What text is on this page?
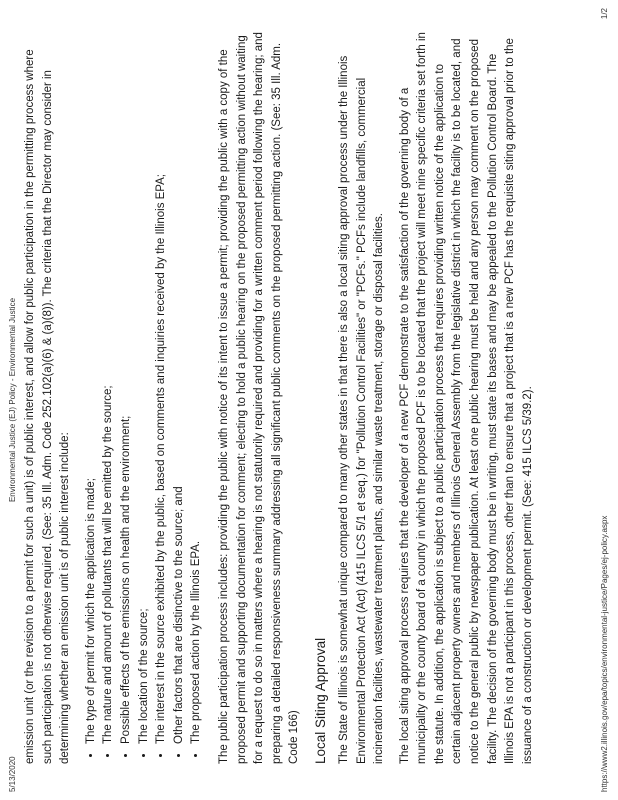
5/13/2020
Environmental Justice (EJ) Policy - Environmental Justice emission unit (or the revision to a permit for such a unit) is of public interest, and allow for public participation in the permitting process where such participation is not otherwise required. (See: 35 Ill. Adm. Code 252.102(a)(6) & (a)(8)). The criteria that the Director may consider in determining whether an emission unit is of public interest include:	• The type of permit for which the application is made; • The nature and amount of pollutants that will be emitted by the source; • Possible effects of the emissions on health and the environment; • The location of the source; • The interest in the source exhibited by the public, based on comments and inquiries received by the Illinois EPA; • Other factors that are distinctive to the source; and • The proposed action by the Illinois EPA.	The public participation process includes: providing the public with notice of its intent to issue a permit; providing the public with a copy of the proposed permit and supporting documentation for comment; electing to hold a public hearing on the proposed permitting action without waiting for a request to do so in matters where a hearing is not statutorily required and providing for a written comment period following the hearing; and preparing a detailed responsiveness summary addressing all significant public comments on the proposed permitting action. (See: 35 Ill. Adm. Code 166) Local Siting Approval The State of Illinois is somewhat unique compared to many other states in that there is also a local siting approval process under the Illinois Environmental Protection Act (Act) (415 ILCS 5/1 et seq.) for "Pollution Control Facilities" or "PCFs." PCFs include landfills, commercial incineration facilities, wastewater treatment plants, and similar waste treatment, storage or disposal facilities.	The local siting approval process requires that the developer of a new PCF demonstrate to the satisfaction of the governing body of a municipality or the county board of a county in which the proposed PCF is to be located that the project will meet nine specific criteria set forth in the statute. In addition, the application is subject to a public participation process that requires providing written notice of the application to certain adjacent property owners and members of Illinois General Assembly from the legislative district in which the facility is to be located, and notice to the general public by newspaper publication. At least one public hearing must be held and any person may comment on the proposed facility. The decision of the governing body must be in writing, must state its bases and may be appealed to the Pollution Control Board. The Illinois EPA is not a participant in this process, other than to ensure that a project that is a new PCF has the requisite siting approval prior to the issuance of a construction or development permit. (See: 415 ILCS 5/39.2).	https://www2.illinois.gov/epa/topics/environmental-justice/Pages/ej-policy.aspx
1/2
